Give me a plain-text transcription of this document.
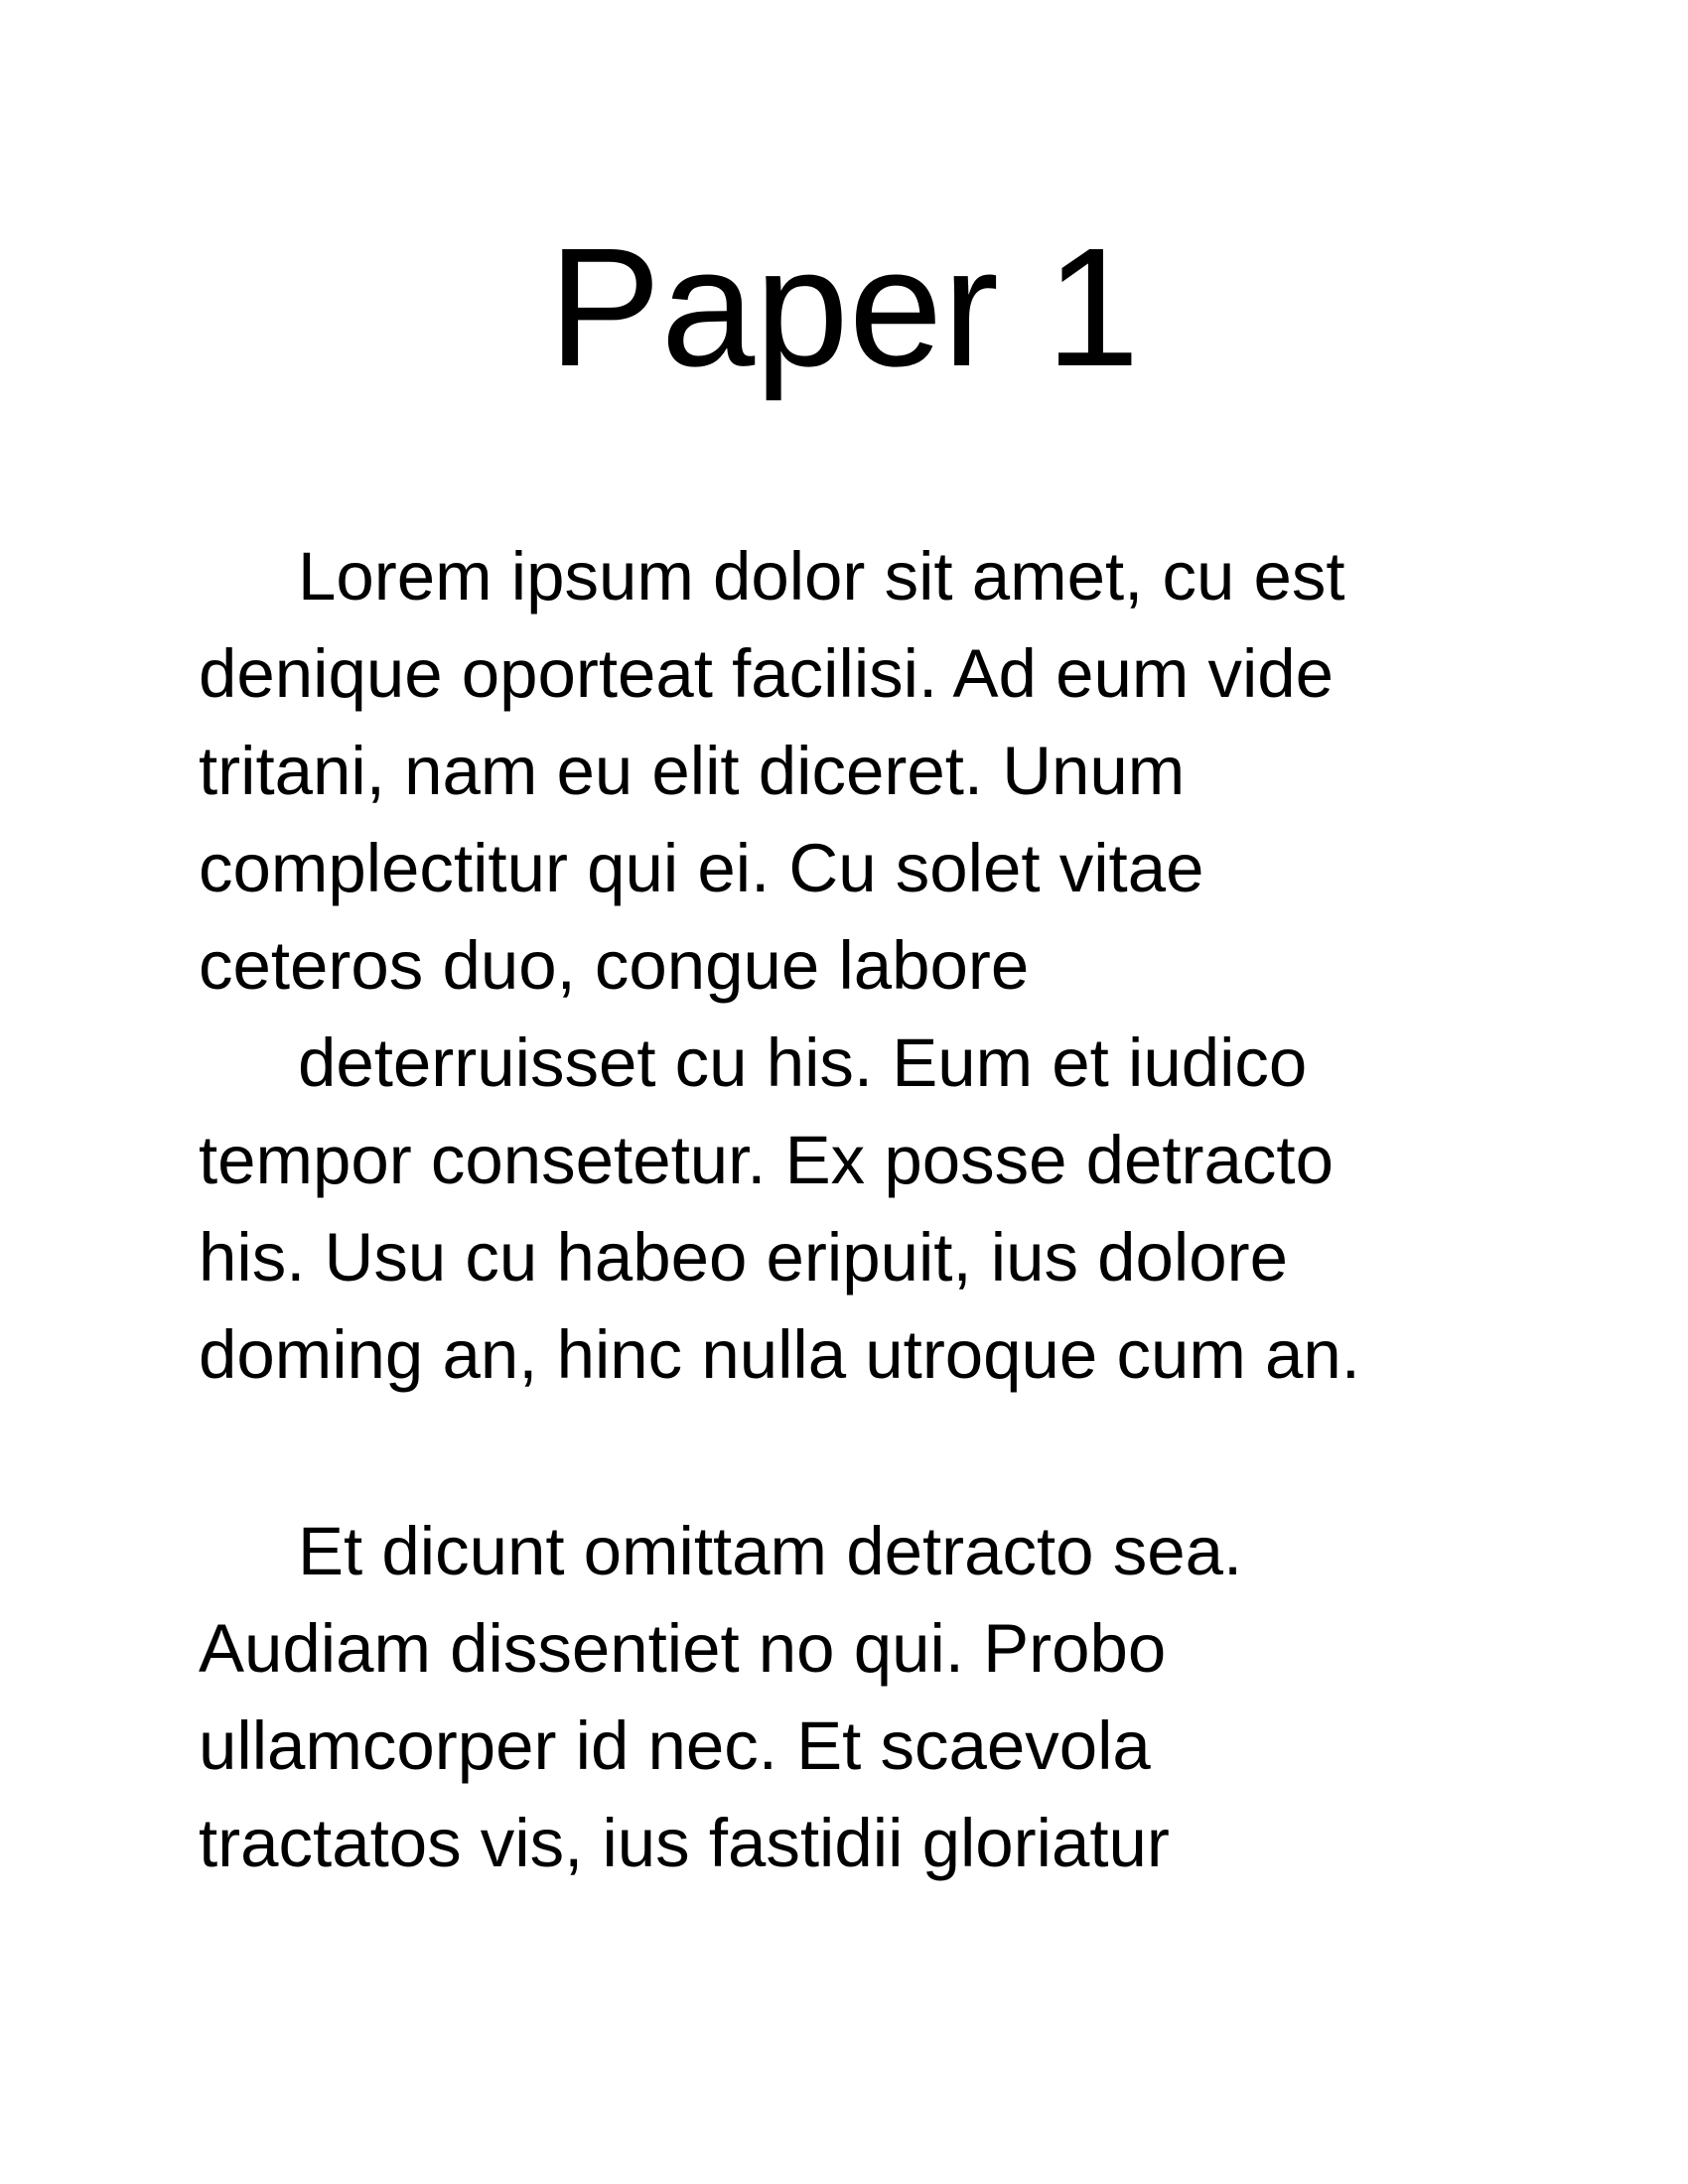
Paper 1
Lorem ipsum dolor sit amet, cu est
denique oporteat facilisi. Ad eum vide
tritani, nam eu elit diceret. Unum
complectitur qui ei. Cu solet vitae
ceteros duo, congue labore
deterruisset cu his. Eum et iudico
tempor consetetur. Ex posse detracto
his. Usu cu habeo eripuit, ius dolore
doming an, hinc nulla utroque cum an.
Et dicunt omittam detracto sea.
Audiam dissentiet no qui. Probo
ullamcorper id nec. Et scaevola
tractatos vis, ius fastidii gloriatur
